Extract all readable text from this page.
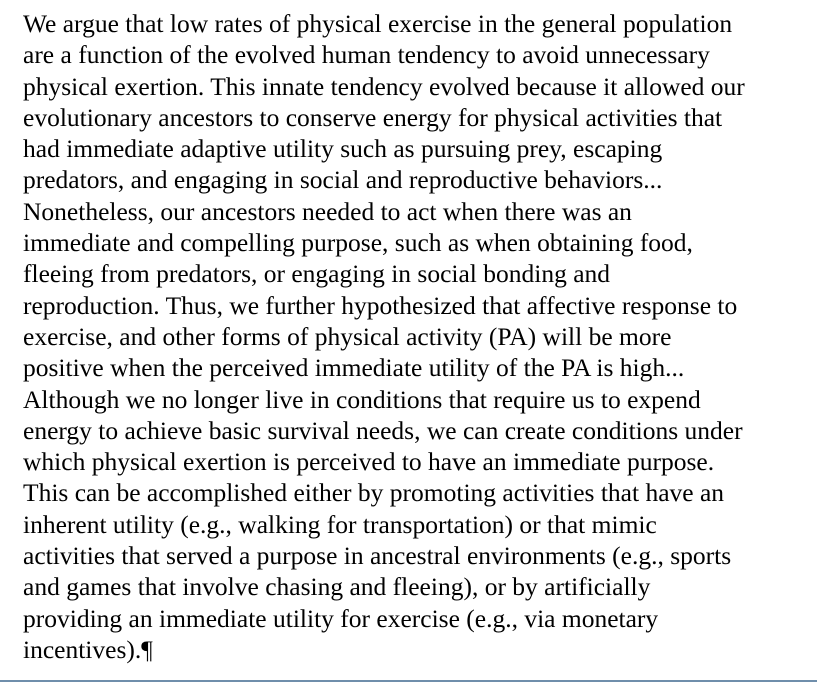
We argue that low rates of physical exercise in the general population
are a function of the evolved human tendency to avoid unnecessary
physical exertion. This innate tendency evolved because it allowed our
evolutionary ancestors to conserve energy for physical activities that
had immediate adaptive utility such as pursuing prey, escaping
predators, and engaging in social and reproductive behaviors...
Nonetheless, our ancestors needed to act when there was an
immediate and compelling purpose, such as when obtaining food,
fleeing from predators, or engaging in social bonding and
reproduction. Thus, we further hypothesized that affective response to
exercise, and other forms of physical activity (PA) will be more
positive when the perceived immediate utility of the PA is high...
Although we no longer live in conditions that require us to expend
energy to achieve basic survival needs, we can create conditions under
which physical exertion is perceived to have an immediate purpose.
This can be accomplished either by promoting activities that have an
inherent utility (e.g., walking for transportation) or that mimic
activities that served a purpose in ancestral environments (e.g., sports
and games that involve chasing and fleeing), or by artificially
providing an immediate utility for exercise (e.g., via monetary
incentives).¶
